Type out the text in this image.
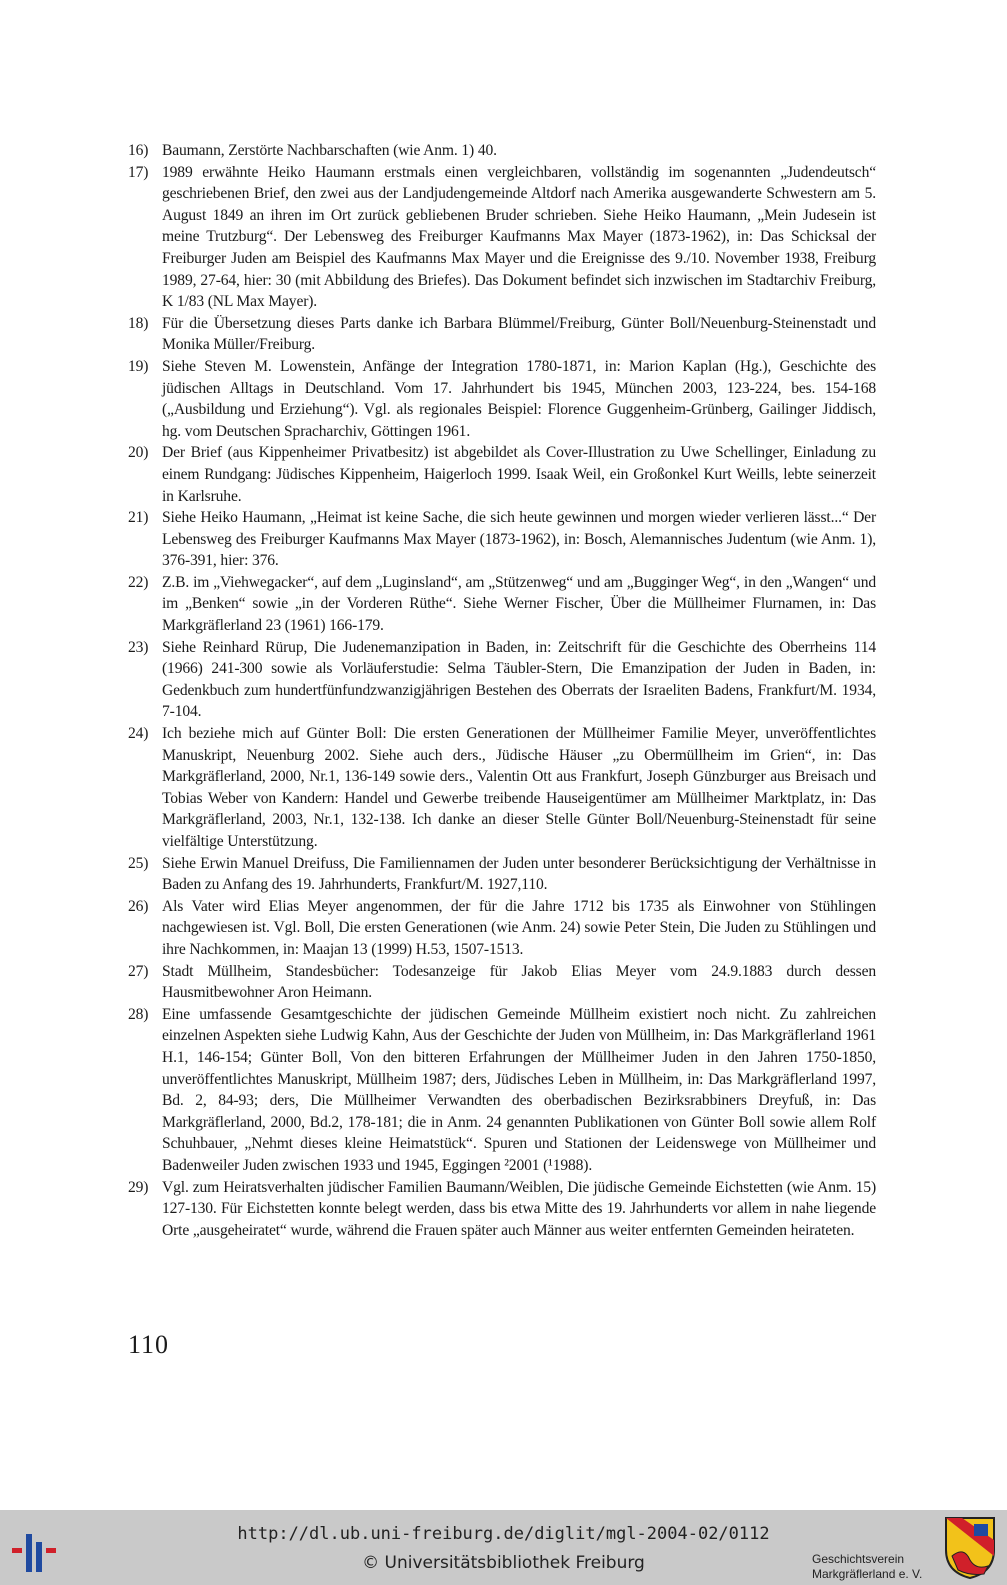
16) Baumann, Zerstörte Nachbarschaften (wie Anm. 1) 40.
17) 1989 erwähnte Heiko Haumann erstmals einen vergleichbaren, vollständig im sogenannten „Judendeutsch“ geschriebenen Brief, den zwei aus der Landjudengemeinde Altdorf nach Amerika ausgewanderte Schwestern am 5. August 1849 an ihren im Ort zurück gebliebenen Bruder schrieben. Siehe Heiko Haumann, „Mein Judesein ist meine Trutzburg“. Der Lebensweg des Freiburger Kaufmanns Max Mayer (1873-1962), in: Das Schicksal der Freiburger Juden am Beispiel des Kaufmanns Max Mayer und die Ereignisse des 9./10. November 1938, Freiburg 1989, 27-64, hier: 30 (mit Abbildung des Briefes). Das Dokument befindet sich inzwischen im Stadtarchiv Freiburg, K 1/83 (NL Max Mayer).
18) Für die Übersetzung dieses Parts danke ich Barbara Blümmel/Freiburg, Günter Boll/Neuenburg-Steinenstadt und Monika Müller/Freiburg.
19) Siehe Steven M. Lowenstein, Anfänge der Integration 1780-1871, in: Marion Kaplan (Hg.), Geschichte des jüdischen Alltags in Deutschland. Vom 17. Jahrhundert bis 1945, München 2003, 123-224, bes. 154-168 („Ausbildung und Erziehung“). Vgl. als regionales Beispiel: Florence Guggenheim-Grünberg, Gailinger Jiddisch, hg. vom Deutschen Spracharchiv, Göttingen 1961.
20) Der Brief (aus Kippenheimer Privatbesitz) ist abgebildet als Cover-Illustration zu Uwe Schellinger, Einladung zu einem Rundgang: Jüdisches Kippenheim, Haigerloch 1999. Isaak Weil, ein Großonkel Kurt Weills, lebte seinerzeit in Karlsruhe.
21) Siehe Heiko Haumann, „Heimat ist keine Sache, die sich heute gewinnen und morgen wieder verlieren lässt...“ Der Lebensweg des Freiburger Kaufmanns Max Mayer (1873-1962), in: Bosch, Alemannisches Judentum (wie Anm. 1), 376-391, hier: 376.
22) Z.B. im „Viehwegacker“, auf dem „Luginsland“, am „Stützenweg“ und am „Bugginger Weg“, in den „Wangen“ und im „Benken“ sowie „in der Vorderen Rüthe“. Siehe Werner Fischer, Über die Müllheimer Flurnamen, in: Das Markgräflerland 23 (1961) 166-179.
23) Siehe Reinhard Rürup, Die Judenemanzipation in Baden, in: Zeitschrift für die Geschichte des Oberrheins 114 (1966) 241-300 sowie als Vorläuferstudie: Selma Täubler-Stern, Die Emanzipation der Juden in Baden, in: Gedenkbuch zum hundertfünfundzwanzigjährigen Bestehen des Oberrats der Israeliten Badens, Frankfurt/M. 1934, 7-104.
24) Ich beziehe mich auf Günter Boll: Die ersten Generationen der Müllheimer Familie Meyer, unveröffentlichtes Manuskript, Neuenburg 2002. Siehe auch ders., Jüdische Häuser „zu Obermüllheim im Grien“, in: Das Markgräflerland, 2000, Nr.1, 136-149 sowie ders., Valentin Ott aus Frankfurt, Joseph Günzburger aus Breisach und Tobias Weber von Kandern: Handel und Gewerbe treibende Hauseigentümer am Müllheimer Marktplatz, in: Das Markgräflerland, 2003, Nr.1, 132-138. Ich danke an dieser Stelle Günter Boll/Neuenburg-Steinenstadt für seine vielfältige Unterstützung.
25) Siehe Erwin Manuel Dreifuss, Die Familiennamen der Juden unter besonderer Berücksichtigung der Verhältnisse in Baden zu Anfang des 19. Jahrhunderts, Frankfurt/M. 1927,110.
26) Als Vater wird Elias Meyer angenommen, der für die Jahre 1712 bis 1735 als Einwohner von Stühlingen nachgewiesen ist. Vgl. Boll, Die ersten Generationen (wie Anm. 24) sowie Peter Stein, Die Juden zu Stühlingen und ihre Nachkommen, in: Maajan 13 (1999) H.53, 1507-1513.
27) Stadt Müllheim, Standesbücher: Todesanzeige für Jakob Elias Meyer vom 24.9.1883 durch dessen Hausmitbewohner Aron Heimann.
28) Eine umfassende Gesamtgeschichte der jüdischen Gemeinde Müllheim existiert noch nicht. Zu zahlreichen einzelnen Aspekten siehe Ludwig Kahn, Aus der Geschichte der Juden von Müllheim, in: Das Markgräflerland 1961 H.1, 146-154; Günter Boll, Von den bitteren Erfahrungen der Müllheimer Juden in den Jahren 1750-1850, unveröffentlichtes Manuskript, Müllheim 1987; ders, Jüdisches Leben in Müllheim, in: Das Markgräflerland 1997, Bd. 2, 84-93; ders, Die Müllheimer Verwandten des oberbadischen Bezirksrabbiners Dreyfuß, in: Das Markgräflerland, 2000, Bd.2, 178-181; die in Anm. 24 genannten Publikationen von Günter Boll sowie allem Rolf Schuhbauer, „Nehmt dieses kleine Heimatstück“. Spuren und Stationen der Leidenswege von Müllheimer und Badenweiler Juden zwischen 1933 und 1945, Eggingen ²2001 (¹1988).
29) Vgl. zum Heiratsverhalten jüdischer Familien Baumann/Weiblen, Die jüdische Gemeinde Eichstetten (wie Anm. 15) 127-130. Für Eichstetten konnte belegt werden, dass bis etwa Mitte des 19. Jahrhunderts vor allem in nahe liegende Orte „ausgeheiratet“ wurde, während die Frauen später auch Männer aus weiter entfernten Gemeinden heirateten.
110
http://dl.ub.uni-freiburg.de/diglit/mgl-2004-02/0112
© Universitätsbibliothek Freiburg	Geschichtsverein
Markgräflerland e. V.
